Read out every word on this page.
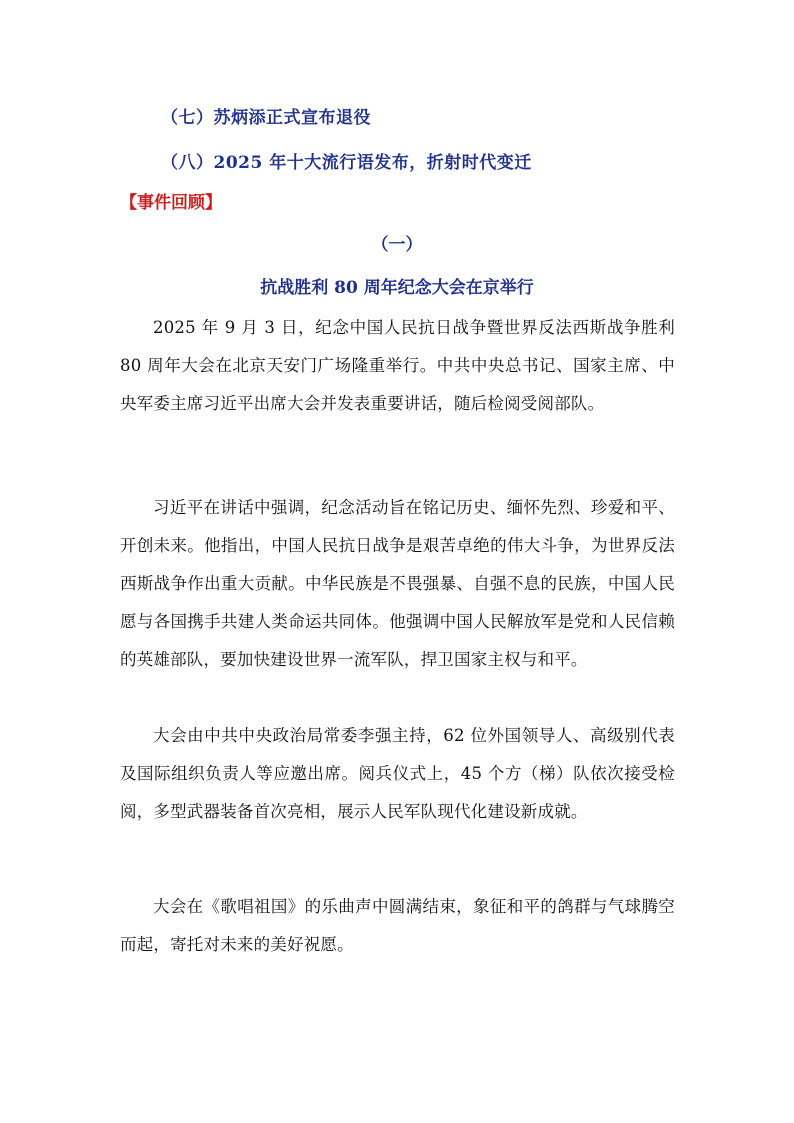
（七）苏炳添正式宣布退役
（八）2025 年十大流行语发布，折射时代变迁
【事件回顾】
（一）
抗战胜利 80 周年纪念大会在京举行

2025 年 9 月 3 日，纪念中国人民抗日战争暨世界反法西斯战争胜利 80 周年大会在北京天安门广场隆重举行。中共中央总书记、国家主席、中央军委主席习近平出席大会并发表重要讲话，随后检阅受阅部队。

习近平在讲话中强调，纪念活动旨在铭记历史、缅怀先烈、珍爱和平、开创未来。他指出，中国人民抗日战争是艰苦卓绝的伟大斗争，为世界反法西斯战争作出重大贡献。中华民族是不畏强暴、自强不息的民族，中国人民愿与各国携手共建人类命运共同体。他强调中国人民解放军是党和人民信赖的英雄部队，要加快建设世界一流军队，捍卫国家主权与和平。

大会由中共中央政治局常委李强主持，62 位外国领导人、高级别代表及国际组织负责人等应邀出席。阅兵仪式上，45 个方（梯）队依次接受检阅，多型武器装备首次亮相，展示人民军队现代化建设新成就。

大会在《歌唱祖国》的乐曲声中圆满结束，象征和平的鸽群与气球腾空而起，寄托对未来的美好祝愿。
